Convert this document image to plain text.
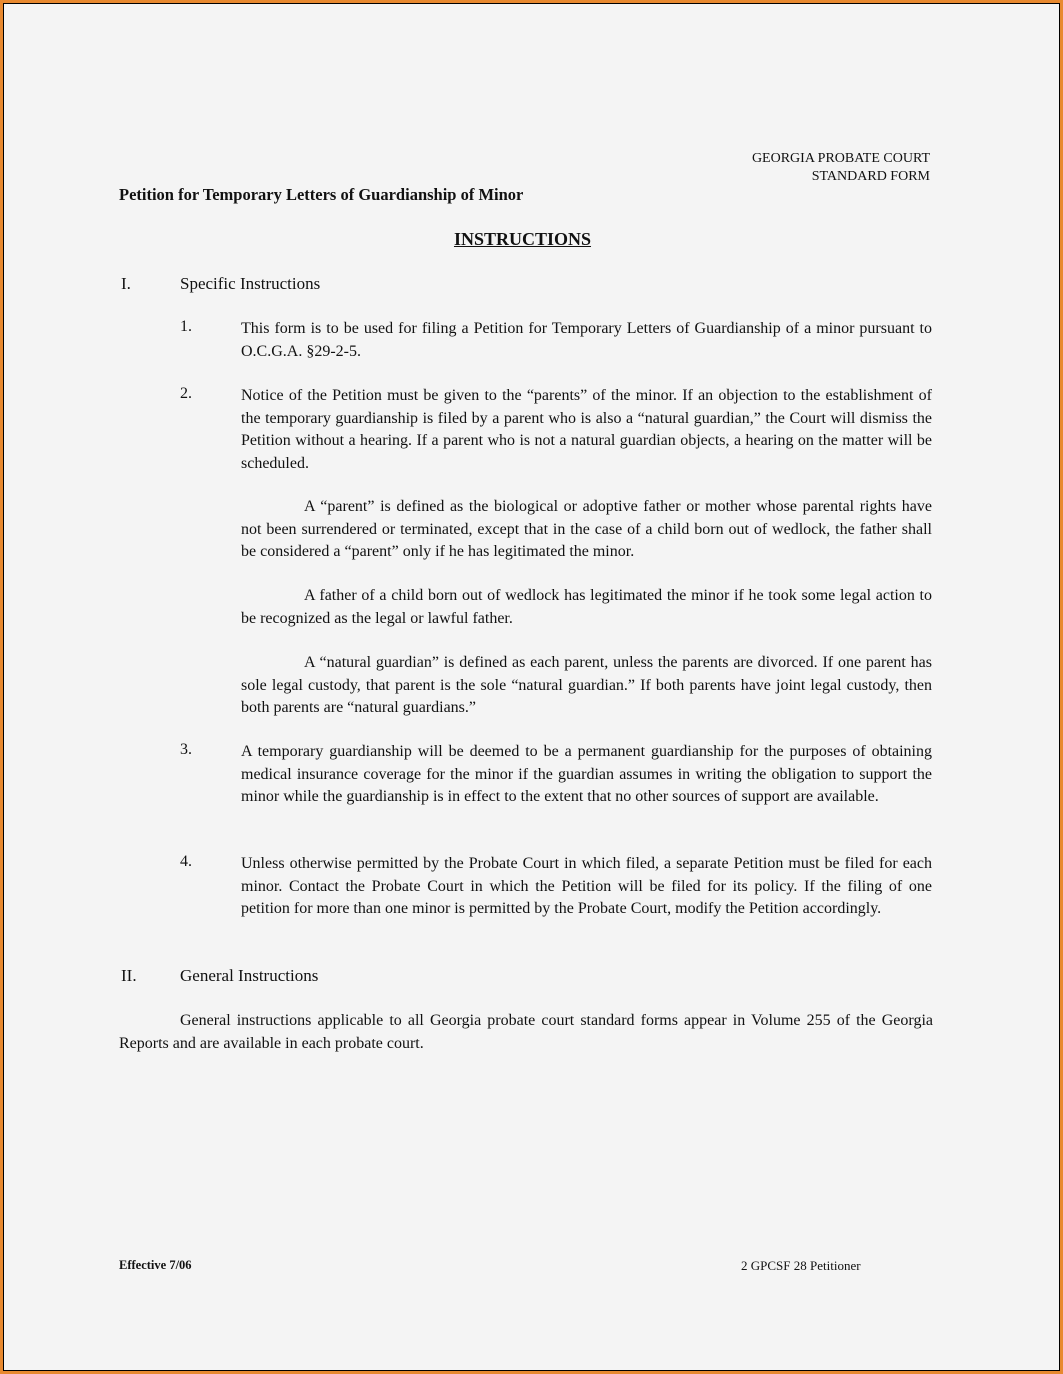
GEORGIA PROBATE COURT
STANDARD FORM
Petition for Temporary Letters of Guardianship of Minor
INSTRUCTIONS
I.	Specific Instructions
1.	This form is to be used for filing a Petition for Temporary Letters of Guardianship of a minor pursuant to O.C.G.A. §29-2-5.
2.	Notice of the Petition must be given to the “parents” of the minor. If an objection to the establishment of the temporary guardianship is filed by a parent who is also a “natural guardian,” the Court will dismiss the Petition without a hearing. If a parent who is not a natural guardian objects, a hearing on the matter will be scheduled.
A “parent” is defined as the biological or adoptive father or mother whose parental rights have not been surrendered or terminated, except that in the case of a child born out of wedlock, the father shall be considered a “parent” only if he has legitimated the minor.
A father of a child born out of wedlock has legitimated the minor if he took some legal action to be recognized as the legal or lawful father.
A “natural guardian” is defined as each parent, unless the parents are divorced. If one parent has sole legal custody, that parent is the sole “natural guardian.” If both parents have joint legal custody, then both parents are “natural guardians.”
3.	A temporary guardianship will be deemed to be a permanent guardianship for the purposes of obtaining medical insurance coverage for the minor if the guardian assumes in writing the obligation to support the minor while the guardianship is in effect to the extent that no other sources of support are available.
4.	Unless otherwise permitted by the Probate Court in which filed, a separate Petition must be filed for each minor. Contact the Probate Court in which the Petition will be filed for its policy. If the filing of one petition for more than one minor is permitted by the Probate Court, modify the Petition accordingly.
II.	General Instructions
General instructions applicable to all Georgia probate court standard forms appear in Volume 255 of the Georgia Reports and are available in each probate court.
Effective 7/06	2 GPCSF 28 Petitioner
